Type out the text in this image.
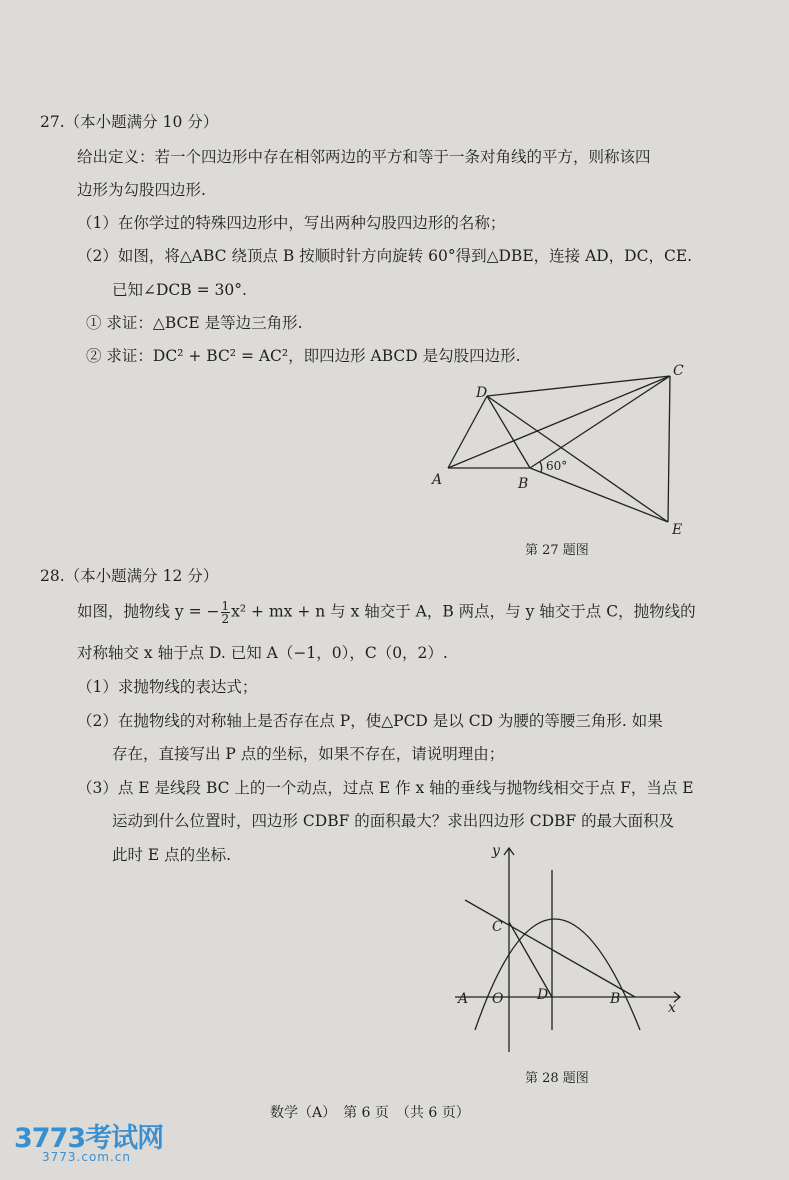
27.（本小题满分 10 分）
给出定义：若一个四边形中存在相邻两边的平方和等于一条对角线的平方，则称该四
边形为勾股四边形.
（1）在你学过的特殊四边形中，写出两种勾股四边形的名称；
（2）如图，将△ABC 绕顶点 B 按顺时针方向旋转 60°得到△DBE，连接 AD，DC，CE.
已知∠DCB = 30°.
① 求证：△BCE 是等边三角形.
② 求证：DC² + BC² = AC²，即四边形 ABCD 是勾股四边形.
D
C
A	B
E
60°
第 27 题图
28.（本小题满分 12 分）
如图，抛物线 y = − $\frac{1}{2} x^2$ + mx + n 与 x 轴交于 A，B 两点，与 y 轴交于点 C，抛物线的
对称轴交 x 轴于点 D. 已知 A（−1，0），C（0，2）.
（1）求抛物线的表达式；
（2）在抛物线的对称轴上是否存在点 P，使△PCD 是以 CD 为腰的等腰三角形. 如果
存在，直接写出 P 点的坐标，如果不存在，请说明理由；
（3）点 E 是线段 BC 上的一个动点，过点 E 作 x 轴的垂线与抛物线相交于点 F，当点 E
运动到什么位置时，四边形 CDBF 的面积最大？求出四边形 CDBF 的最大面积及
此时 E 点的坐标.	y
x
C
A O D	B
第 28 题图
数学（A）　第 6 页　（共 6 页）
3773考试网
3773.com.cn
